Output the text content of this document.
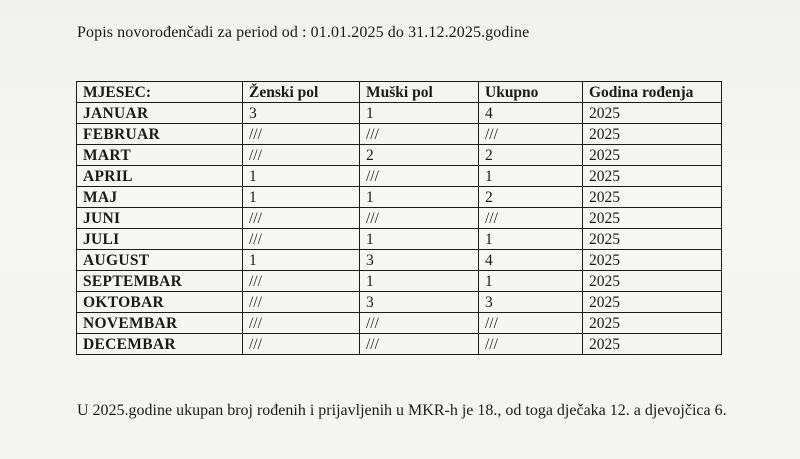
Popis novorođenčadi za period od : 01.01.2025 do 31.12.2025.godine
MJESEC:	Ženski pol	Muški pol	Ukupno	Godina rođenja
JANUAR	3	1	4	2025
FEBRUAR	///	///	///	2025
MART	///	2	2	2025
APRIL	1	///	1	2025
MAJ	1	1	2	2025
JUNI	///	///	///	2025
JULI	///	1	1	2025
AUGUST	1	3	4	2025
SEPTEMBAR	///	1	1	2025
OKTOBAR	///	3	3	2025
NOVEMBAR	///	///	///	2025
DECEMBAR	///	///	///	2025
U 2025.godine ukupan broj rođenih i prijavljenih u MKR-h je 18., od toga dječaka 12. a djevojčica 6.
